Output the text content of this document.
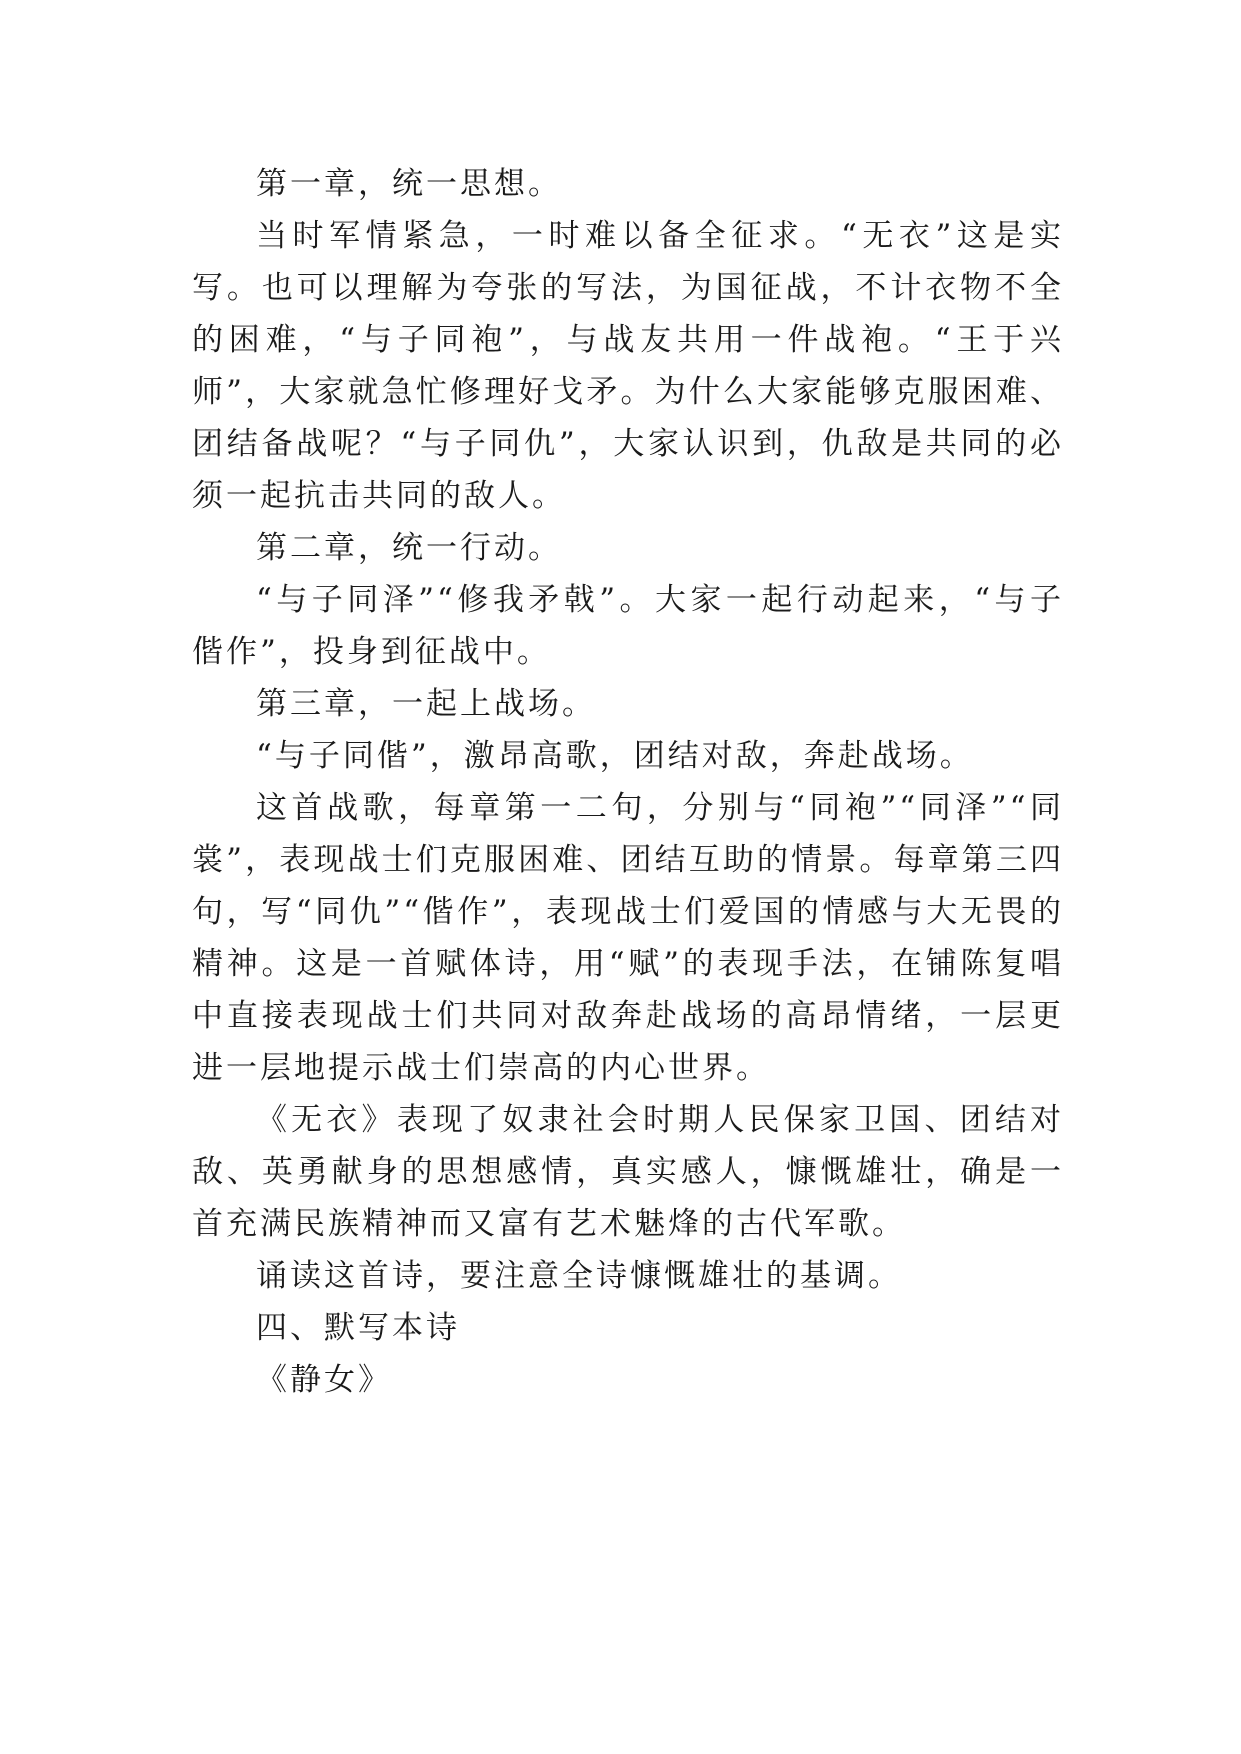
第一章，统一思想。

当时军情紧急，一时难以备全征求。“无衣”这是实写。也可以理解为夸张的写法，为国征战，不计衣物不全的困难，“与子同袍”，与战友共用一件战袍。“王于兴师”，大家就急忙修理好戈矛。为什么大家能够克服困难、团结备战呢？“与子同仇”，大家认识到，仇敌是共同的必须一起抗击共同的敌人。

第二章，统一行动。

“与子同泽”“修我矛戟”。大家一起行动起来，“与子偕作”，投身到征战中。

第三章，一起上战场。

“与子同偕”，激昂高歌，团结对敌，奔赴战场。

这首战歌，每章第一二句，分别与“同袍”“同泽”“同裳”，表现战士们克服困难、团结互助的情景。每章第三四句，写“同仇”“偕作”，表现战士们爱国的情感与大无畏的精神。这是一首赋体诗，用“赋”的表现手法，在铺陈复唱中直接表现战士们共同对敌奔赴战场的高昂情绪，一层更进一层地提示战士们崇高的内心世界。

《无衣》表现了奴隶社会时期人民保家卫国、团结对敌、英勇献身的思想感情，真实感人，慷慨雄壮，确是一首充满民族精神而又富有艺术魅烽的古代军歌。

诵读这首诗，要注意全诗慷慨雄壮的基调。

四、默写本诗

《静女》
